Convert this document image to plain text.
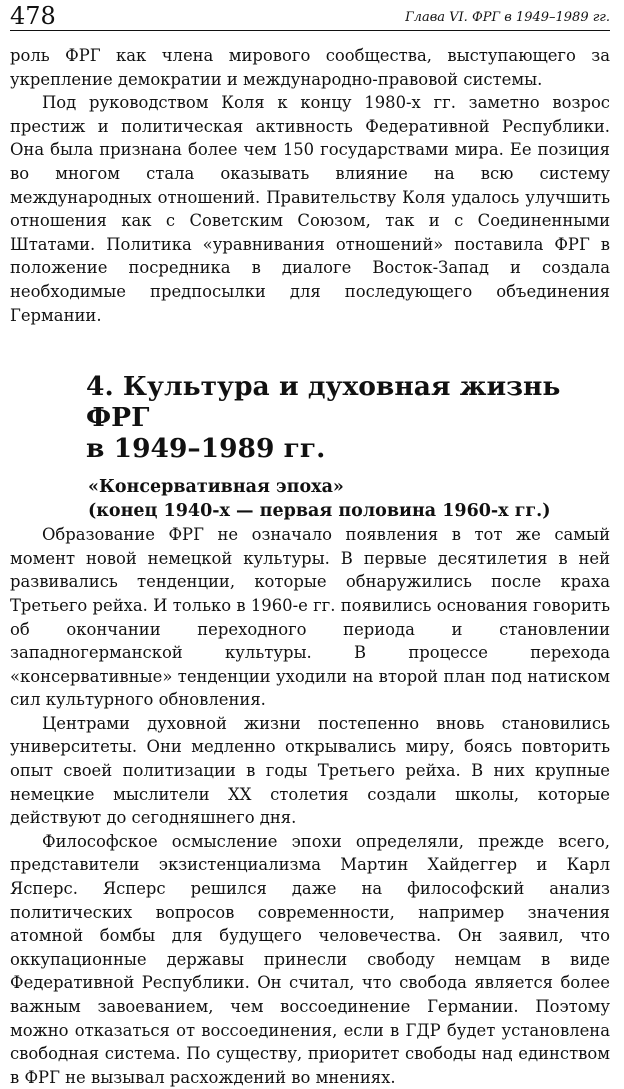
478	Глава VI. ФРГ в 1949–1989 гг.

роль ФРГ как члена мирового сообщества, выступающего за укрепление демократии и международно-правовой системы.

Под руководством Коля к концу 1980-х гг. заметно возрос престиж и политическая активность Федеративной Республики. Она была признана более чем 150 государствами мира. Ее позиция во многом стала оказывать влияние на всю систему международных отношений. Правительству Коля удалось улучшить отношения как с Советским Союзом, так и с Соединенными Штатами. Политика «уравнивания отношений» поставила ФРГ в положение посредника в диалоге Восток-Запад и создала необходимые предпосылки для последующего объединения Германии.

4. Культура и духовная жизнь ФРГ
в 1949–1989 гг.
«Консервативная эпоха»
(конец 1940-х — первая половина 1960-х гг.)

Образование ФРГ не означало появления в тот же самый момент новой немецкой культуры. В первые десятилетия в ней развивались тенденции, которые обнаружились после краха Третьего рейха. И только в 1960-е гг. появились основания говорить об окончании переходного периода и становлении западногерманской культуры. В процессе перехода «консервативные» тенденции уходили на второй план под натиском сил культурного обновления.

Центрами духовной жизни постепенно вновь становились университеты. Они медленно открывались миру, боясь повторить опыт своей политизации в годы Третьего рейха. В них крупные немецкие мыслители XX столетия создали школы, которые действуют до сегодняшнего дня.

Философское осмысление эпохи определяли, прежде всего, представители экзистенциализма Мартин Хайдеггер и Карл Ясперс. Ясперс решился даже на философский анализ политических вопросов современности, например значения атомной бомбы для будущего человечества. Он заявил, что оккупационные державы принесли свободу немцам в виде Федеративной Республики. Он считал, что свобода является более важным завоеванием, чем воссоединение Германии. Поэтому можно отказаться от воссоединения, если в ГДР будет установлена свободная система. По существу, приоритет свободы над единством в ФРГ не вызывал расхождений во мнениях.
